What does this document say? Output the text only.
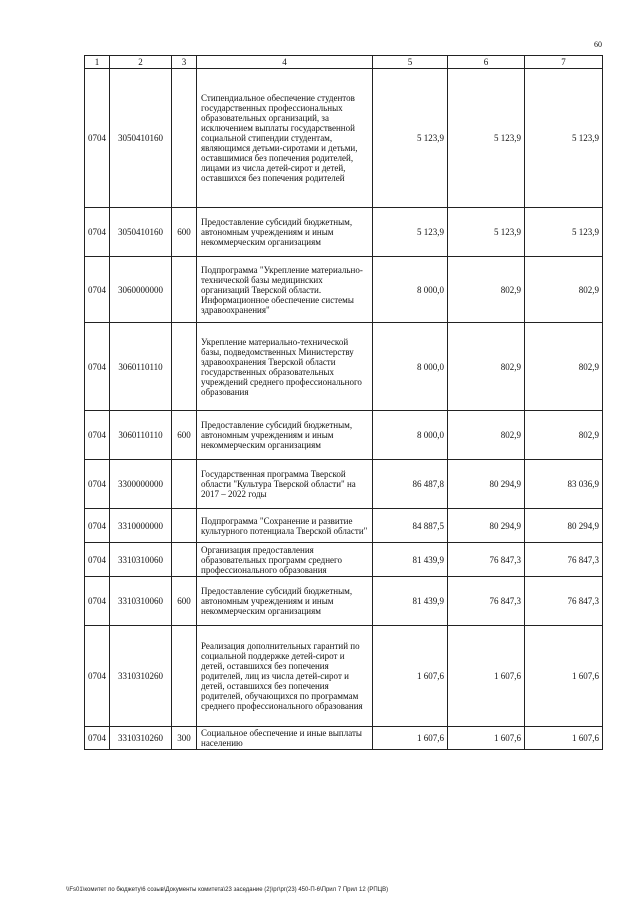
60
1	2	3	4	5	6	7
0704	3050410160		Стипендиальное обеспечение студентов государственных профессиональных образовательных организаций, за исключением выплаты государственной социальной стипендии студентам, являющимся детьми-сиротами и детьми, оставшимися без попечения родителей, лицами из числа детей-сирот и детей, оставшихся без попечения родителей	5 123,9	5 123,9	5 123,9
0704	3050410160	600	Предоставление субсидий бюджетным, автономным учреждениям и иным некоммерческим организациям	5 123,9	5 123,9	5 123,9
0704	3060000000		Подпрограмма "Укрепление материально-технической базы медицинских организаций Тверской области. Информационное обеспечение системы здравоохранения"	8 000,0	802,9	802,9
0704	3060110110		Укрепление материально-технической базы, подведомственных Министерству здравоохранения Тверской области государственных образовательных учреждений среднего профессионального образования	8 000,0	802,9	802,9
0704	3060110110	600	Предоставление субсидий бюджетным, автономным учреждениям и иным некоммерческим организациям	8 000,0	802,9	802,9
0704	3300000000		Государственная программа Тверской области "Культура Тверской области" на 2017 – 2022 годы	86 487,8	80 294,9	83 036,9
0704	3310000000		Подпрограмма "Сохранение и развитие культурного потенциала Тверской области"	84 887,5	80 294,9	80 294,9
0704	3310310060		Организация предоставления образовательных программ среднего профессионального образования	81 439,9	76 847,3	76 847,3
0704	3310310060	600	Предоставление субсидий бюджетным, автономным учреждениям и иным некоммерческим организациям	81 439,9	76 847,3	76 847,3
0704	3310310260		Реализация дополнительных гарантий по социальной поддержке детей-сирот и детей, оставшихся без попечения родителей, лиц из числа детей-сирот и детей, оставшихся без попечения родителей, обучающихся по программам среднего профессионального образования	1 607,6	1 607,6	1 607,6
0704	3310310260	300	Социальное обеспечение и иные выплаты населению	1 607,6	1 607,6	1 607,6
\\Fs01\комитет по бюджету\6 созыв\Документы комитета\23 заседание (2)\рг\рг(23) 450-П-6\Прил 7 Прил 12 (РПЦВ)
